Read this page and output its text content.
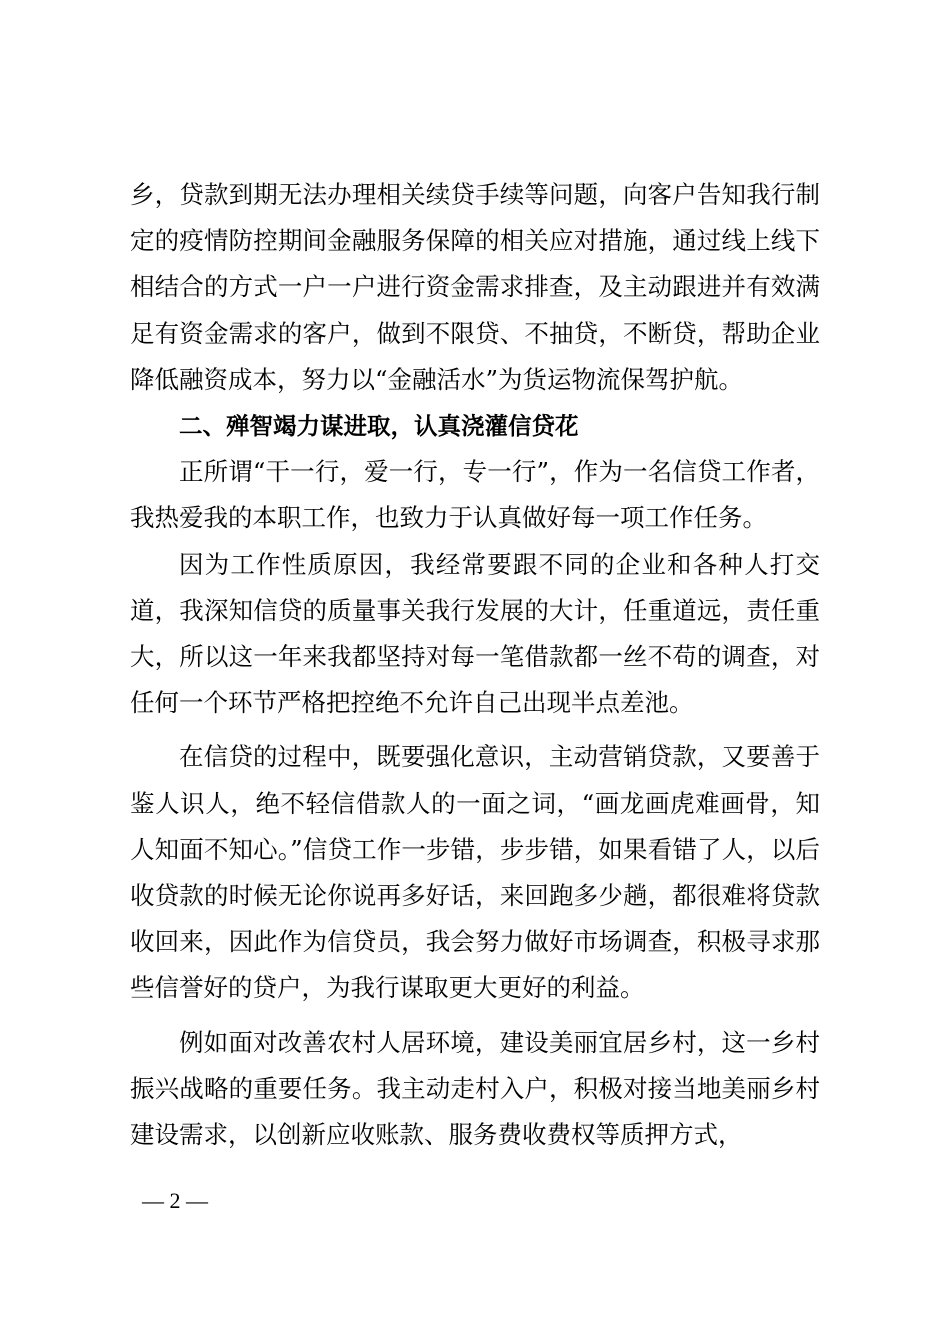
乡，贷款到期无法办理相关续贷手续等问题，向客户告知我行制定的疫情防控期间金融服务保障的相关应对措施，通过线上线下相结合的方式一户一户进行资金需求排查，及主动跟进并有效满足有资金需求的客户，做到不限贷、不抽贷，不断贷，帮助企业降低融资成本，努力以“金融活水”为货运物流保驾护航。

二、殚智竭力谋进取，认真浇灌信贷花

正所谓“干一行，爱一行，专一行”，作为一名信贷工作者，我热爱我的本职工作，也致力于认真做好每一项工作任务。

因为工作性质原因，我经常要跟不同的企业和各种人打交道，我深知信贷的质量事关我行发展的大计，任重道远，责任重大，所以这一年来我都坚持对每一笔借款都一丝不苟的调查，对任何一个环节严格把控绝不允许自己出现半点差池。

在信贷的过程中，既要强化意识，主动营销贷款，又要善于鉴人识人，绝不轻信借款人的一面之词，“画龙画虎难画骨，知人知面不知心。”信贷工作一步错，步步错，如果看错了人，以后收贷款的时候无论你说再多好话，来回跑多少趟，都很难将贷款收回来，因此作为信贷员，我会努力做好市场调查，积极寻求那些信誉好的贷户，为我行谋取更大更好的利益。

例如面对改善农村人居环境，建设美丽宜居乡村，这一乡村振兴战略的重要任务。我主动走村入户，积极对接当地美丽乡村建设需求，以创新应收账款、服务费收费权等质押方式，

— 2 —
